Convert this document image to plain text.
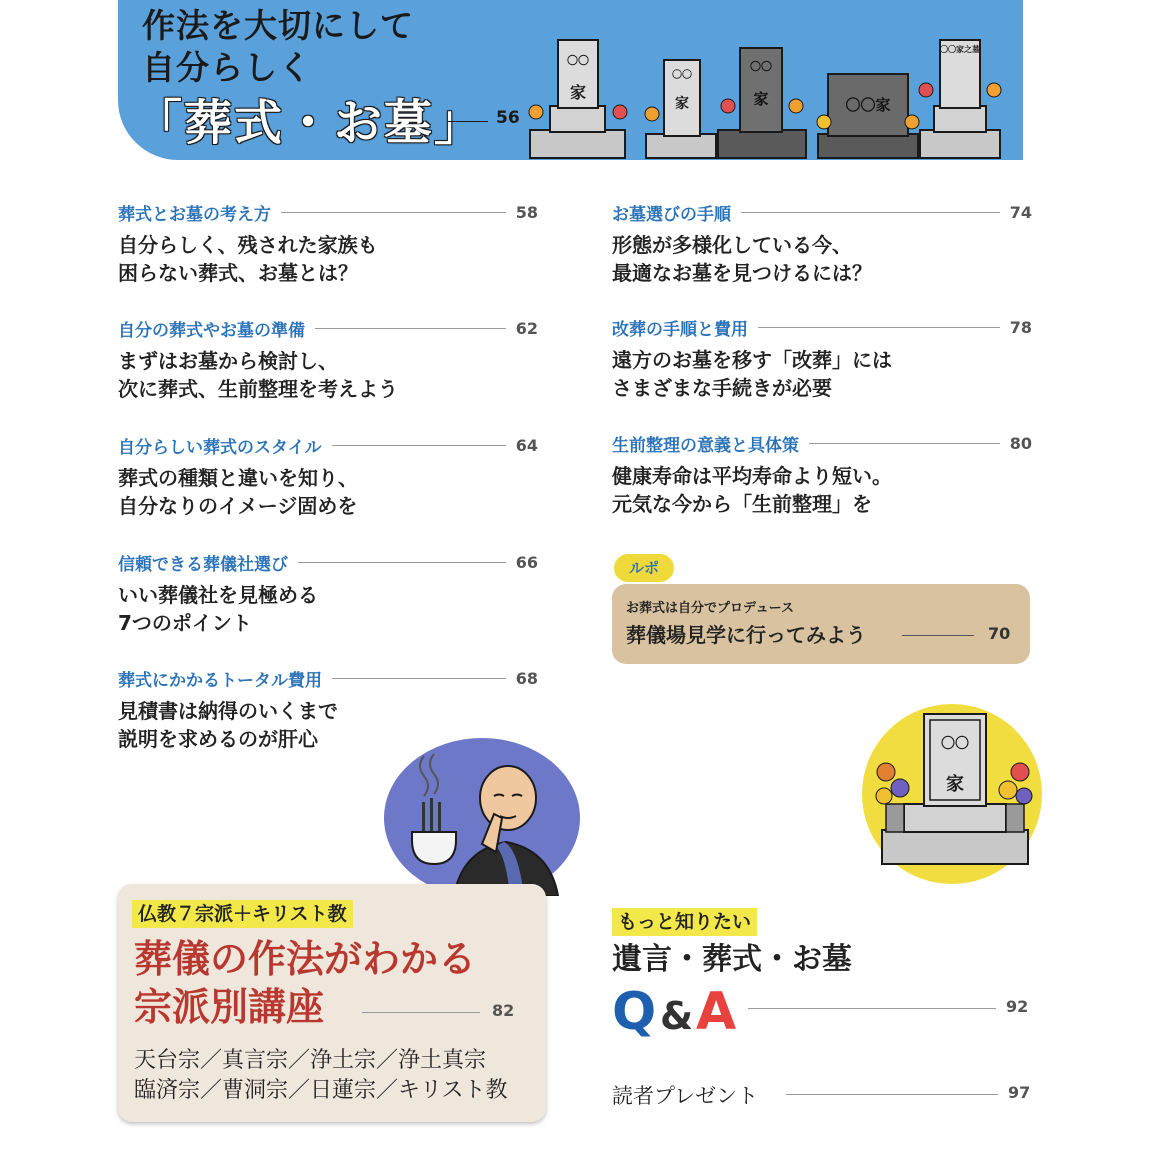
作法を大切にして
自分らしく
「葬式・お墓」 56
〇〇
家
〇〇
家
〇〇
家	〇〇家
〇〇家之墓
葬式とお墓の考え方	58
自分らしく、残された家族も
困らない葬式、お墓とは？
自分の葬式やお墓の準備	62
まずはお墓から検討し、
次に葬式、生前整理を考えよう
自分らしい葬式のスタイル	64
葬式の種類と違いを知り、
自分なりのイメージ固めを
信頼できる葬儀社選び	66
いい葬儀社を見極める
7つのポイント
葬式にかかるトータル費用	68
見積書は納得のいくまで
説明を求めるのが肝心
お墓選びの手順	74
形態が多様化している今、
最適なお墓を見つけるには？
改葬の手順と費用	78
遠方のお墓を移す「改葬」には
さまざまな手続きが必要
生前整理の意義と具体策	80
健康寿命は平均寿命より短い。
元気な今から「生前整理」を
ルポ
お葬式は自分でプロデュース
葬儀場見学に行ってみよう	70
〇〇
家
仏教７宗派＋キリスト教
葬儀の作法がわかる
宗派別講座	82
天台宗／真言宗／浄土宗／浄土真宗
臨済宗／曹洞宗／日蓮宗／キリスト教
もっと知りたい
遺言・葬式・お墓
Q & A	92
読者プレゼント	97
